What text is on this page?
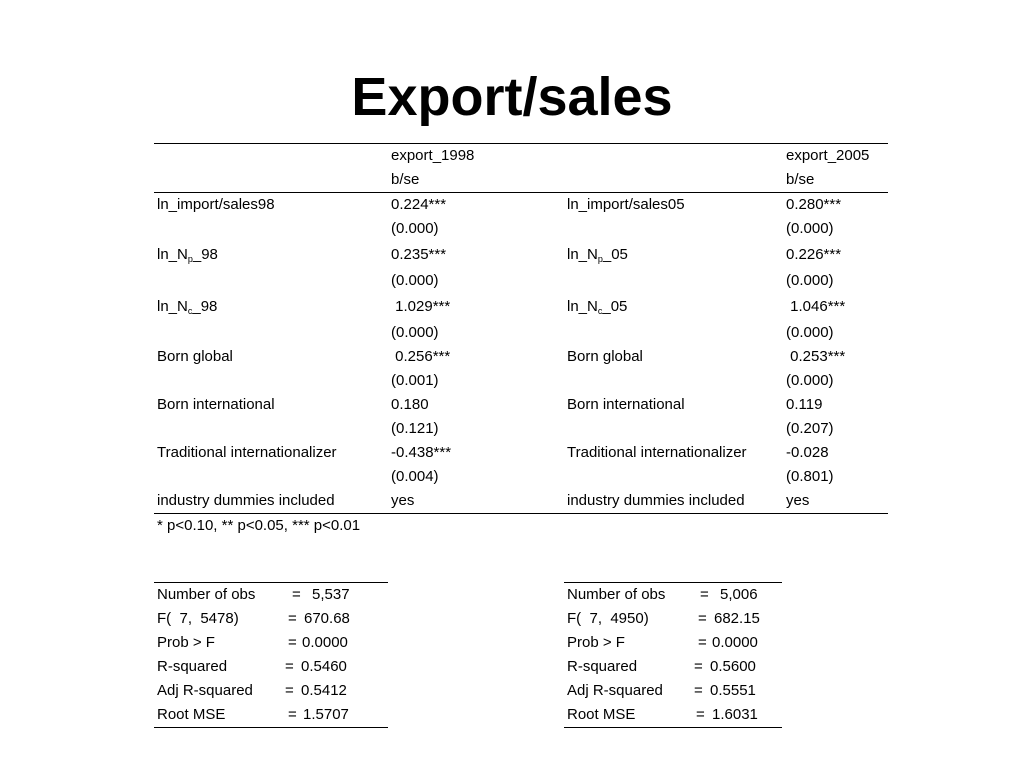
Export/sales
	export_1998		export_2005
	b/se		b/se
ln_import/sales98	0.224***	ln_import/sales05	0.280***
	(0.000)		(0.000)
$\ln\_N_p\_98$	0.235***	$\ln\_N_p\_05$	0.226***
	(0.000)		(0.000)
$\ln\_N_c\_98$	1.029***	$\ln\_N_c\_05$	1.046***
	(0.000)		(0.000)
Born global	0.256***	Born global	0.253***
	(0.001)		(0.000)
Born international	0.180	Born international	0.119
	(0.121)		(0.207)
Traditional internationalizer	-0.438***	Traditional internationalizer	-0.028
	(0.004)		(0.801)
industry dummies included	yes	industry dummies included	yes
* p<0.10, ** p<0.05, *** p<0.01
Number of obs = 5,537
F(  7,  5478)	= 670.68
Prob > F	= 0.0000
R-squared	= 0.5460
Adj R-squared = 0.5412
Root MSE	= 1.5707
Number of obs = 5,006
F(  7,  4950)	= 682.15
Prob > F	= 0.0000
R-squared	= 0.5600
Adj R-squared = 0.5551
Root MSE	= 1.6031
